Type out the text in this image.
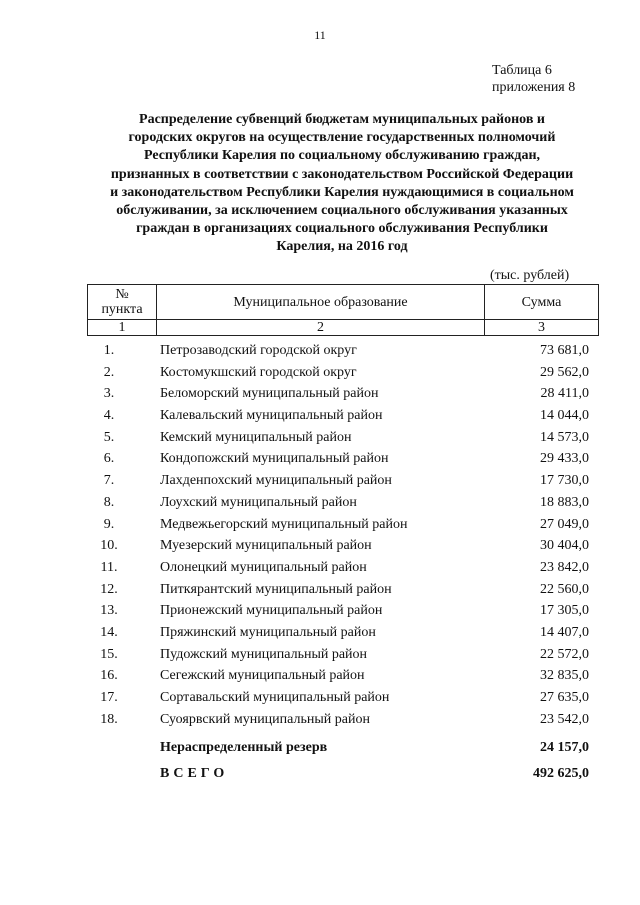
11
Таблица 6
приложения 8
Распределение субвенций бюджетам муниципальных районов и
городских округов на осуществление государственных полномочий
Республики Карелия по социальному обслуживанию граждан,
признанных в соответствии с законодательством Российской Федерации
и законодательством Республики Карелия нуждающимися в социальном
обслуживании, за исключением социального обслуживания указанных
граждан в организациях социального обслуживания Республики
Карелия, на 2016 год
(тыс. рублей)
№
пункта	Муниципальное образование	Сумма
1	2	3
1.	Петрозаводский городской округ	73 681,0
2.	Костомукшский городской округ	29 562,0
3.	Беломорский муниципальный район	28 411,0
4.	Калевальский муниципальный район	14 044,0
5.	Кемский муниципальный район	14 573,0
6.	Кондопожский муниципальный район	29 433,0
7.	Лахденпохский муниципальный район	17 730,0
8.	Лоухский муниципальный район	18 883,0
9.	Медвежьегорский муниципальный район	27 049,0
10.	Муезерский муниципальный район	30 404,0
11.	Олонецкий муниципальный район	23 842,0
12.	Питкярантский муниципальный район	22 560,0
13.	Прионежский муниципальный район	17 305,0
14.	Пряжинский муниципальный район	14 407,0
15.	Пудожский муниципальный район	22 572,0
16.	Сегежский муниципальный район	32 835,0
17.	Сортавальский муниципальный район	27 635,0
18.	Суоярвский муниципальный район	23 542,0
Нераспределенный резерв	24 157,0
ВСЕГО	492 625,0
